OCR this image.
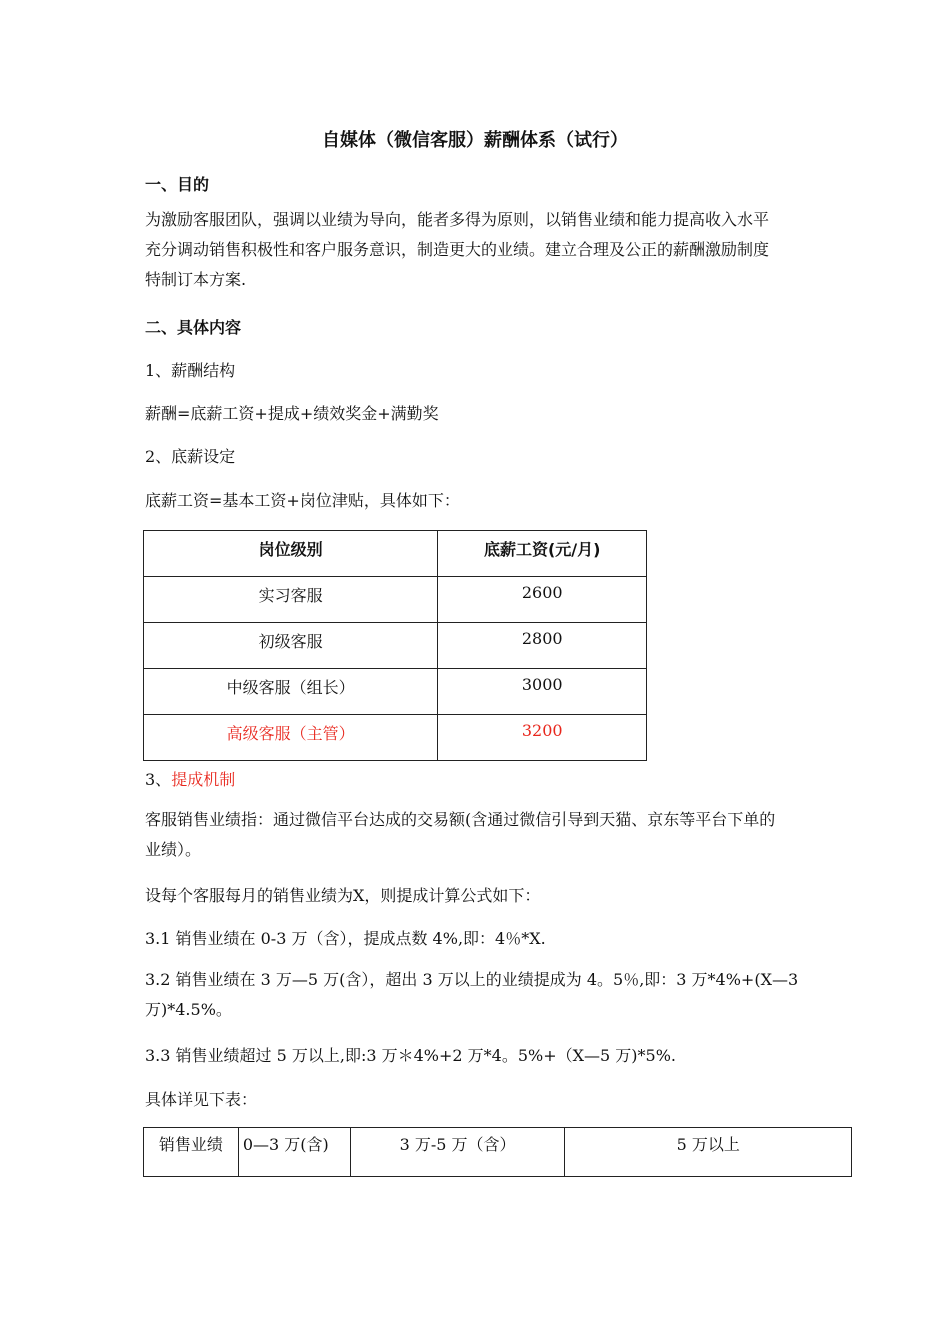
自媒体（微信客服）薪酬体系（试行）
一、目的
为激励客服团队，强调以业绩为导向，能者多得为原则，以销售业绩和能力提高收入水平
充分调动销售积极性和客户服务意识，制造更大的业绩。建立合理及公正的薪酬激励制度
特制订本方案.
二、具体内容
1、薪酬结构
薪酬=底薪工资+提成+绩效奖金+满勤奖
2、底薪设定
底薪工资=基本工资+岗位津贴，具体如下：
岗位级别	底薪工资(元/月)
实习客服	2600
初级客服	2800
中级客服（组长）	3000
高级客服（主管）	3200
3、提成机制
客服销售业绩指：通过微信平台达成的交易额(含通过微信引导到天猫、京东等平台下单的
业绩）。
设每个客服每月的销售业绩为X，则提成计算公式如下：
3.1 销售业绩在 0-3 万（含），提成点数 4%,即：4％*X.
3.2 销售业绩在 3 万—5 万(含），超出 3 万以上的业绩提成为 4。5％,即：3 万*4%+(X—3
万)*4.5%。
3.3 销售业绩超过 5 万以上,即:3 万＊4%+2 万*4。5%+（X—5 万)*5%.
具体详见下表：
销售业绩	0—3 万(含)	3 万-5 万（含）	5 万以上
